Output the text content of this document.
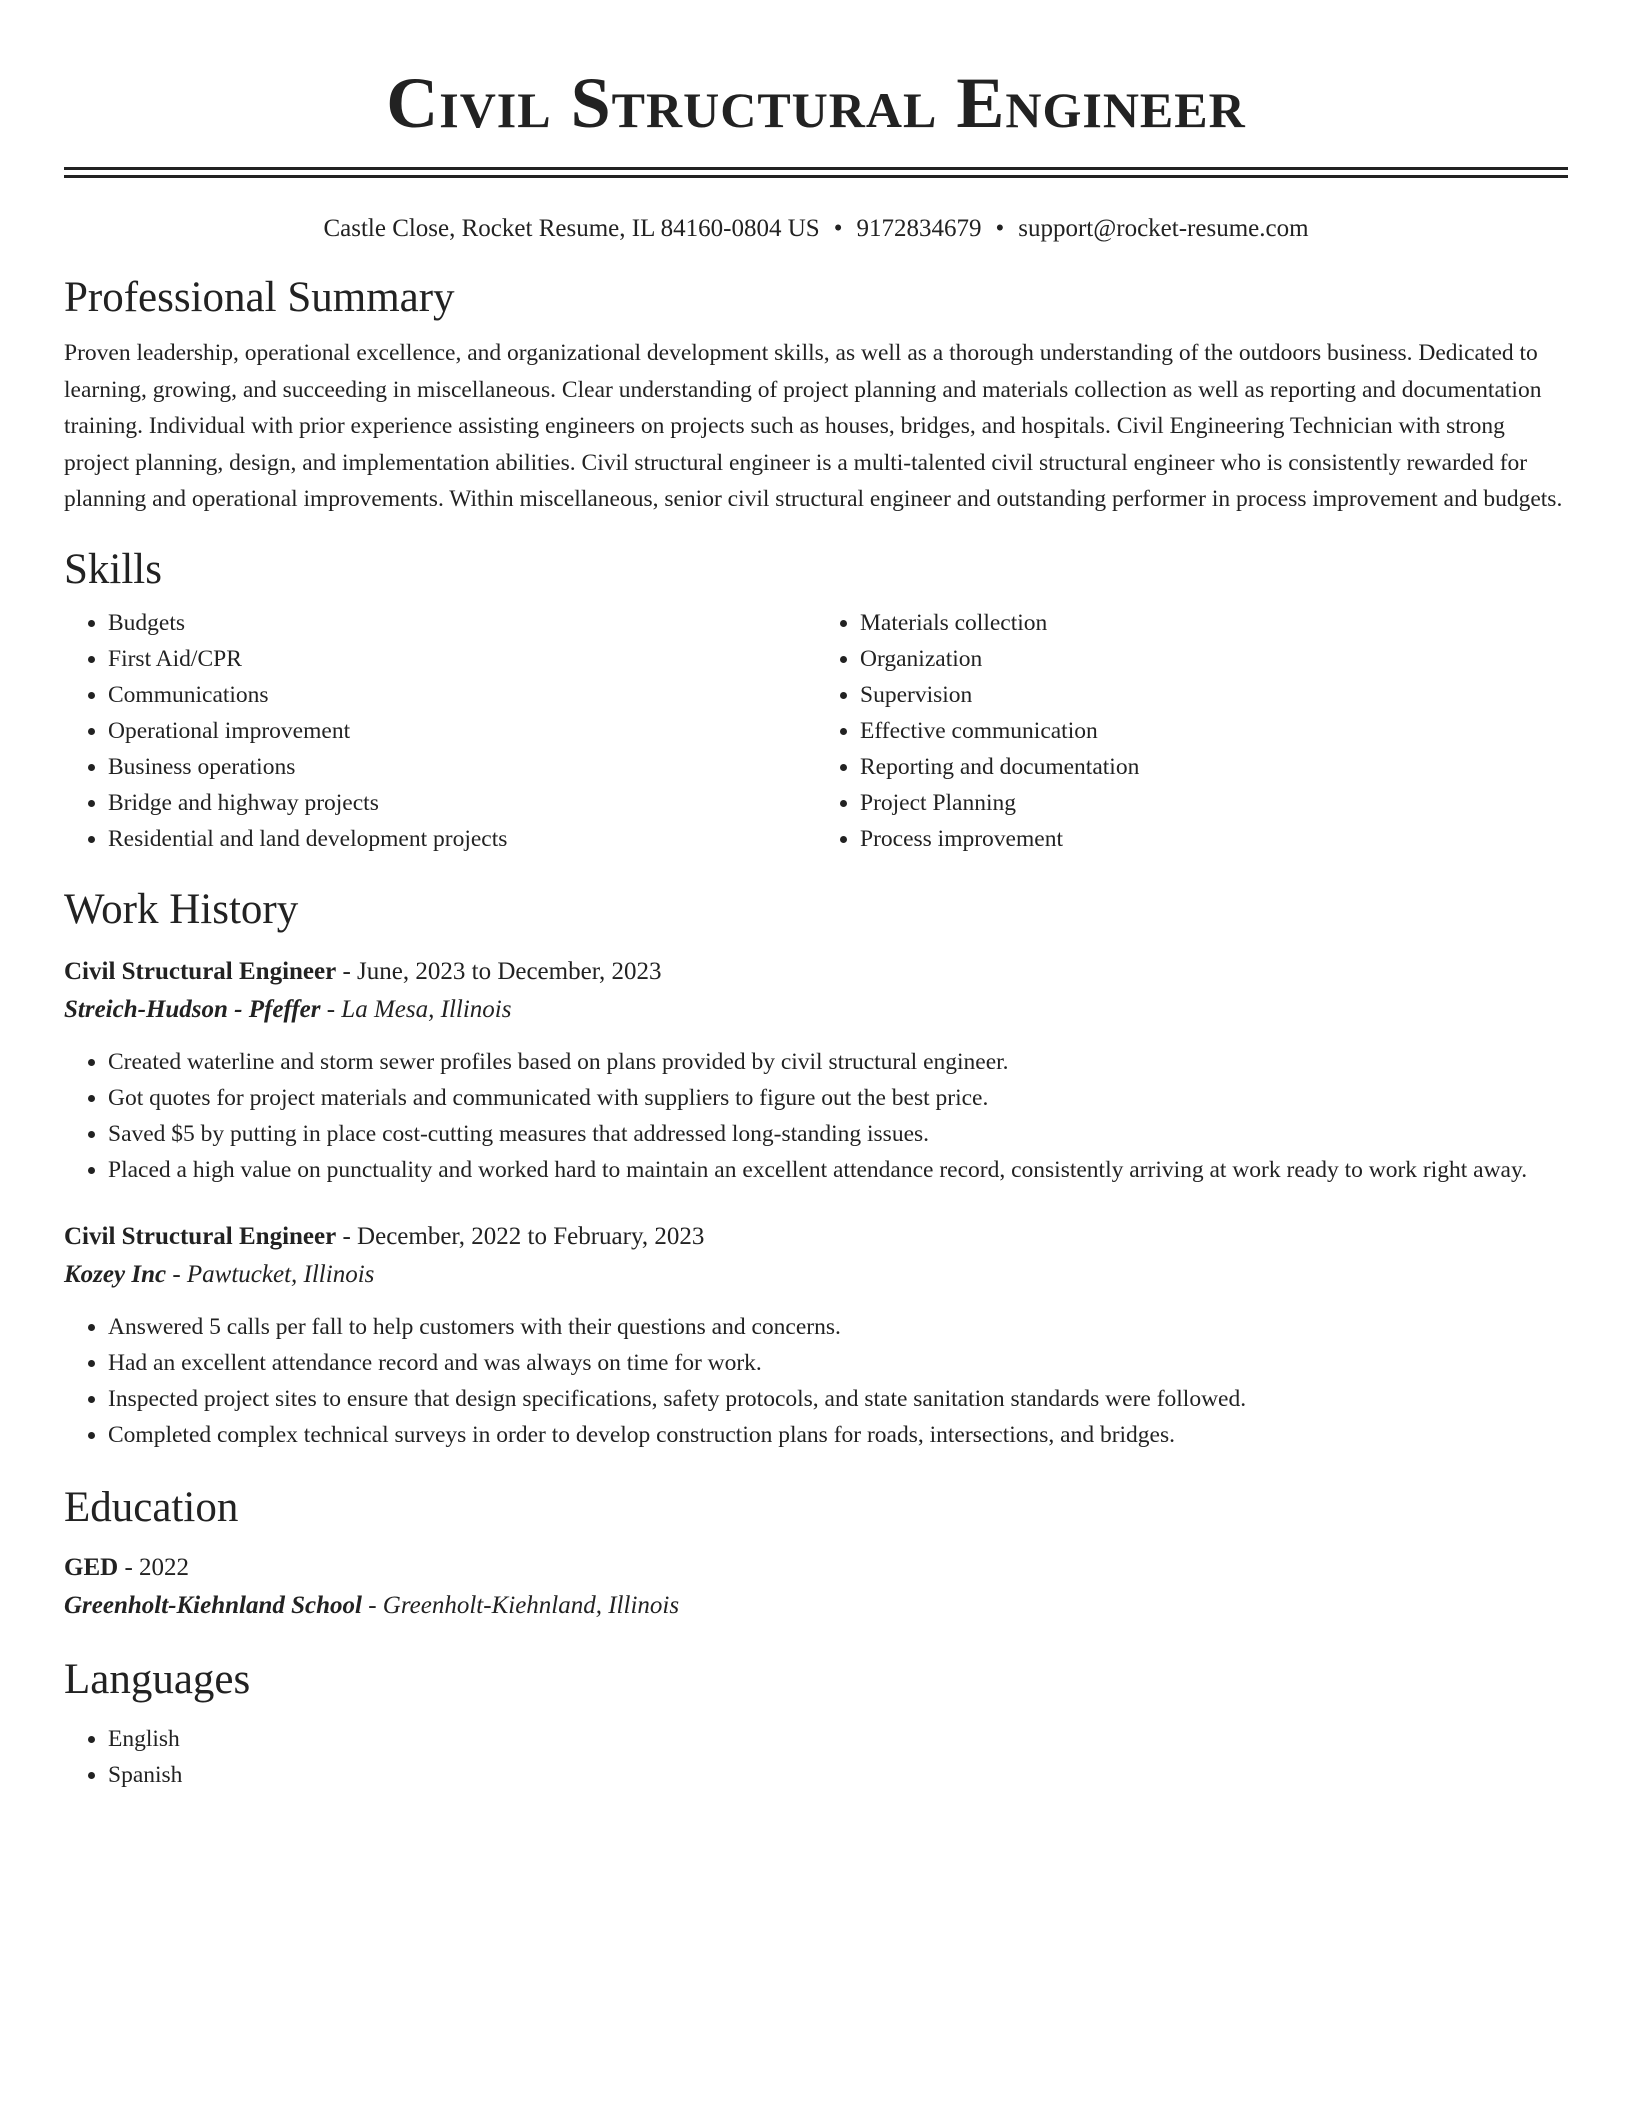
Civil Structural Engineer
Castle Close, Rocket Resume, IL 84160-0804 US • 9172834679 • support@rocket-resume.com
Professional Summary

Proven leadership, operational excellence, and organizational development skills, as well as a thorough understanding of the outdoors business. Dedicated to learning, growing, and succeeding in miscellaneous. Clear understanding of project planning and materials collection as well as reporting and documentation training. Individual with prior experience assisting engineers on projects such as houses, bridges, and hospitals. Civil Engineering Technician with strong project planning, design, and implementation abilities. Civil structural engineer is a multi-talented civil structural engineer who is consistently rewarded for planning and operational improvements. Within miscellaneous, senior civil structural engineer and outstanding performer in process improvement and budgets.

Skills
• Budgets
• First Aid/CPR
• Communications
• Operational improvement
• Business operations
• Bridge and highway projects
• Residential and land development projects
• Materials collection
• Organization
• Supervision
• Effective communication
• Reporting and documentation
• Project Planning
• Process improvement
Work History
Civil Structural Engineer - June, 2023 to December, 2023
Streich-Hudson - Pfeffer - La Mesa, Illinois
• Created waterline and storm sewer profiles based on plans provided by civil structural engineer.
• Got quotes for project materials and communicated with suppliers to figure out the best price.
• Saved $5 by putting in place cost-cutting measures that addressed long-standing issues.
• Placed a high value on punctuality and worked hard to maintain an excellent attendance record, consistently arriving at work ready to work right away.
Civil Structural Engineer - December, 2022 to February, 2023
Kozey Inc - Pawtucket, Illinois
• Answered 5 calls per fall to help customers with their questions and concerns.
• Had an excellent attendance record and was always on time for work.
• Inspected project sites to ensure that design specifications, safety protocols, and state sanitation standards were followed.
• Completed complex technical surveys in order to develop construction plans for roads, intersections, and bridges.
Education
GED - 2022
Greenholt-Kiehnland School - Greenholt-Kiehnland, Illinois
Languages
• English
• Spanish
